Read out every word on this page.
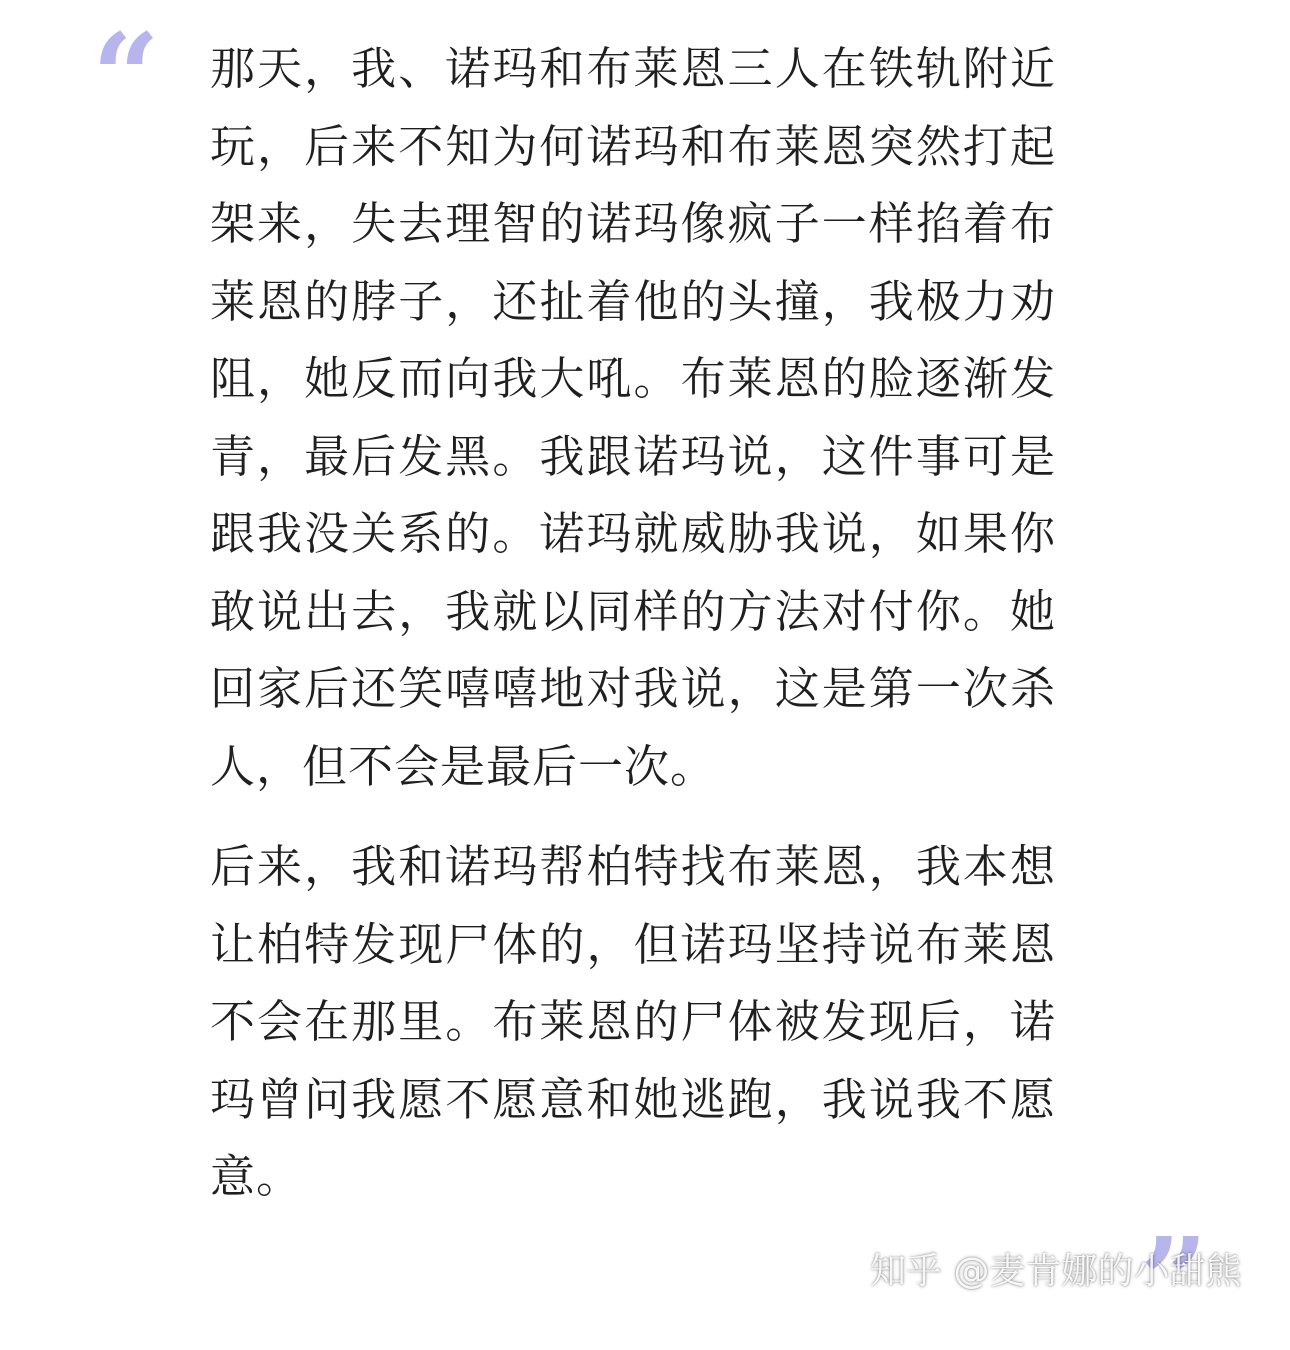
“ 那天，我、诺玛和布莱恩三人在铁轨附近玩，后来不知为何诺玛和布莱恩突然打起架来，失去理智的诺玛像疯子一样掐着布莱恩的脖子，还扯着他的头撞，我极力劝阻，她反而向我大吼。布莱恩的脸逐渐发青，最后发黑。我跟诺玛说，这件事可是跟我没关系的。诺玛就威胁我说，如果你敢说出去，我就以同样的方法对付你。她回家后还笑嘻嘻地对我说，这是第一次杀人，但不会是最后一次。

后来，我和诺玛帮柏特找布莱恩，我本想让柏特发现尸体的，但诺玛坚持说布莱恩不会在那里。布莱恩的尸体被发现后，诺玛曾问我愿不愿意和她逃跑，我说我不愿意。

”
知乎 @麦肯娜的小甜熊
